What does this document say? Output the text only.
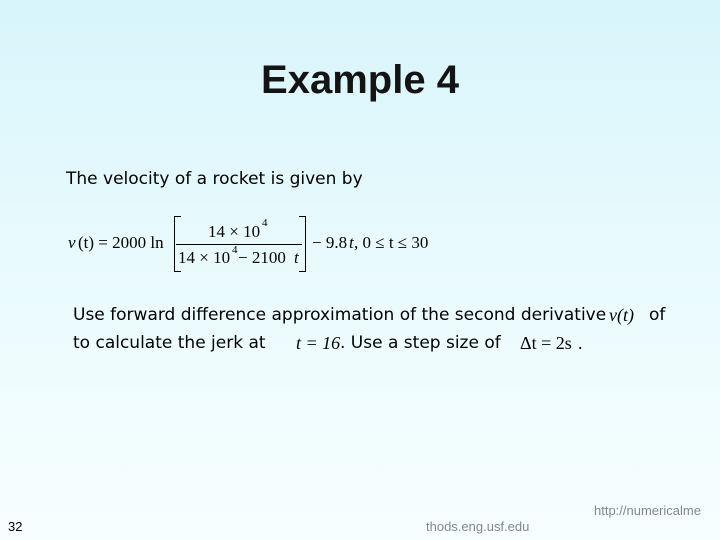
Example 4
The velocity of a rocket is given by
v (t) = 2000 ln
14 × 10 4
14 × 10 4 − 2100 t
− 9.8 t , 0 ≤ t ≤ 30
Use forward difference approximation of the second derivative v(t) of
to calculate the jerk at t = 16 . Use a step size of Δt = 2s .
32
http://numericalme
thods.eng.usf.edu
